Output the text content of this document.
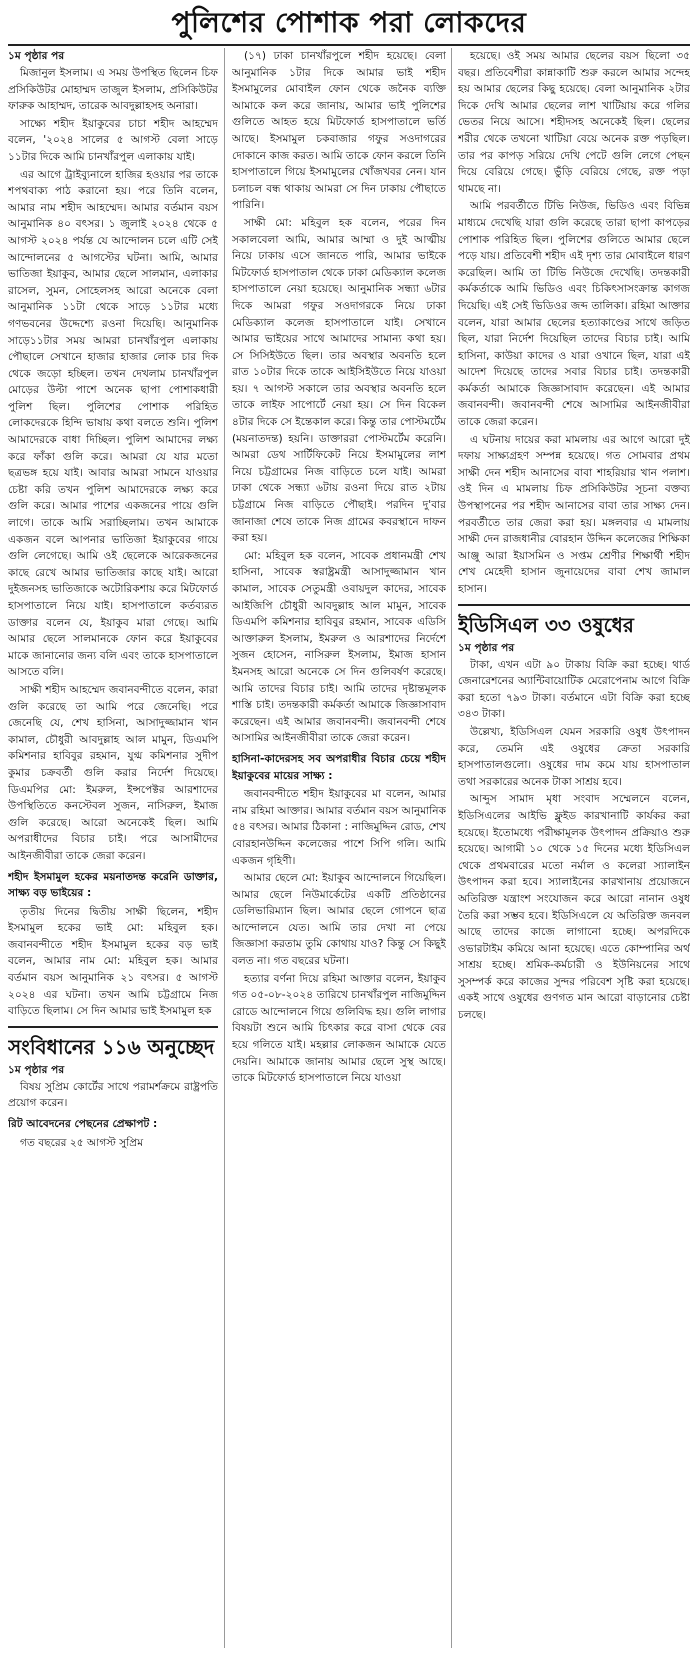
পুলিশের পোশাক পরা লোকদের
১ম পৃষ্ঠার পর

মিজানুল ইসলাম। এ সময় উপস্থিত ছিলেন চিফ প্রসিকিউটর মোহাম্মদ তাজুল ইসলাম, প্রসিকিউটর ফারুক আহাম্মদ, তারেক আবদুল্লাহসহ অনারা।

সাক্ষ্যে শহীদ ইয়াকুবের চাচা শহীদ আহম্মেদ বলেন, '২০২৪ সালের ৫ আগস্ট বেলা সাড়ে ১১টার দিকে আমি চানখাঁরপুল এলাকায় যাই।

এর আগে ট্রাইব্যুনালে হাজির হওয়ার পর তাকে শপথবাক্য পাঠ করানো হয়। পরে তিনি বলেন, আমার নাম শহীদ আহম্মেদ। আমার বর্তমান বয়স আনুমানিক ৪০ বৎসর। ১ জুলাই ২০২৪ থেকে ৫ আগস্ট ২০২৪ পর্যন্ত যে আন্দোলন চলে এটি সেই আন্দোলনের ৫ আগস্টের ঘটনা। আমি, আমার ভাতিজা ইয়াকুব, আমার ছেলে সালমান, এলাকার রাসেল, সুমন, সোহেলসহ আরো অনেকে বেলা আনুমানিক ১১টা থেকে সাড়ে ১১টার মধ্যে গণভবনের উদ্দেশ্যে রওনা দিয়েছি। আনুমানিক সাড়ে১১টার সময় আমরা চানখাঁরপুল এলাকায় পৌছালে সেখানে হাজার হাজার লোক চার দিক থেকে জড়ো হচ্ছিল। তখন দেখলাম চানখাঁরপুল মোড়ের উল্টা পাশে অনেক ছাপা পোশাকধারী পুলিশ ছিল। পুলিশের পোশাক পরিহিত লোকদেরকে হিন্দি ভাষায় কথা বলতে শুনি। পুলিশ আমাদেরকে বাধা দিচ্ছিল। পুলিশ আমাদের লক্ষ্য করে ফাঁকা গুলি করে। আমরা যে যার মতো ছত্রভঙ্গ হয়ে যাই। আবার আমরা সামনে যাওয়ার চেষ্টা করি তখন পুলিশ আমাদেরকে লক্ষ্য করে গুলি করে। আমার পাশের একজনের পায়ে গুলি লাগে। তাকে আমি সরাচ্ছিলাম। তখন আমাকে একজন বলে আপনার ভাতিজা ইয়াকুবের গায়ে গুলি লেগেছে। আমি ওই ছেলেকে আরেকজনের কাছে রেখে আমার ভাতিজার কাছে যাই। আরো দুইজনসহ ভাতিজাকে অটোরিকশায় করে মিটফোর্ড হাসপাতালে নিয়ে যাই। হাসপাতালে কর্তব্যরত ডাক্তার বলেন যে, ইয়াকুব মারা গেছে। আমি আমার ছেলে সালমানকে ফোন করে ইয়াকুবের মাকে জানানোর জন্য বলি এবং তাকে হাসপাতালে আসতে বলি।

সাক্ষী শহীদ আহম্মেদ জবানবন্দীতে বলেন, কারা গুলি করেছে তা আমি পরে জেনেছি। পরে জেনেছি যে, শেখ হাসিনা, আসাদুজ্জামান খান কামাল, চৌধুরী আবদুল্লাহ আল মামুন, ডিএমপি কমিশনার হাবিবুর রহমান, যুগ্ম কমিশনার সুদীপ কুমার চক্রবর্তী গুলি করার নির্দেশ দিয়েছে। ডিএমপির মো: ইমরুল, ইন্সপেক্টর আরশাদের উপস্থিতিতে কনস্টেবল সুজন, নাসিরুল, ইমাজ গুলি করেছে। আরো অনেকেই ছিল। আমি অপরাধীদের বিচার চাই। পরে আসামীদের আইনজীবীরা তাকে জেরা করেন।

শহীদ ইসমামুল হকের ময়নাতদন্ত করেনি ডাক্তার, সাক্ষ্য বড় ভাইয়ের :

তৃতীয় দিনের দ্বিতীয় সাক্ষী ছিলেন, শহীদ ইসমামুল হকের ভাই মো: মহিবুল হক। জবানবন্দীতে শহীদ ইসমামুল হকের বড় ভাই বলেন, আমার নাম মো: মহিবুল হক। আমার বর্তমান বয়স আনুমানিক ২১ বৎসর। ৫ আগস্ট ২০২৪ এর ঘটনা। তখন আমি চট্টগ্রামে নিজ বাড়িতে ছিলাম। সে দিন আমার ভাই ইসমামুল হক

সংবিধানের ১১৬ অনুচ্ছেদ
১ম পৃষ্ঠার পর

বিষয় সুপ্রিম কোর্টের সাথে পরামর্শক্রমে রাষ্ট্রপতি প্রয়োগ করেন।

রিট আবেদনের পেছনের প্রেক্ষাপট :

গত বছরের ২৫ আগস্ট সুপ্রিম

(১৭) ঢাকা চানখাঁরপুলে শহীদ হয়েছে। বেলা আনুমানিক ১টার দিকে আমার ভাই শহীদ ইসমামুলের মোবাইল ফোন থেকে জনৈক ব্যক্তি আমাকে কল করে জানায়, আমার ভাই পুলিশের গুলিতে আহত হয়ে মিটফোর্ড হাসপাতালে ভর্তি আছে। ইসমামুল চকবাজার গফুর সওদাগরের দোকানে কাজ করত। আমি তাকে ফোন করলে তিনি হাসপাতালে গিয়ে ইসমামুলের খোঁজখবর নেন। যান চলাচল বন্ধ থাকায় আমরা সে দিন ঢাকায় পৌছাতে পারিনি।

সাক্ষী মো: মহিবুল হক বলেন, পরের দিন সকালবেলা আমি, আমার আম্মা ও দুই আত্মীয় নিয়ে ঢাকায় এসে জানতে পারি, আমার ভাইকে মিটফোর্ড হাসপাতাল থেকে ঢাকা মেডিক্যাল কলেজ হাসপাতালে নেয়া হয়েছে। আনুমানিক সন্ধ্যা ৬টার দিকে আমরা গফুর সওদাগরকে নিয়ে ঢাকা মেডিক্যাল কলেজ হাসপাতালে যাই। সেখানে আমার ভাইয়ের সাথে আমাদের সামান্য কথা হয়। সে সিসিইউতে ছিল। তার অবস্থার অবনতি হলে রাত ১০টার দিকে তাকে আইসিইউতে নিয়ে যাওয়া হয়। ৭ আগস্ট সকালে তার অবস্থার অবনতি হলে তাকে লাইফ সাপোর্টে নেয়া হয়। সে দিন বিকেল ৪টার দিকে সে ইন্তেকাল করে। কিন্তু তার পোস্টমর্টেম (ময়নাতদন্ত) হয়নি। ডাক্তাররা পোস্টমর্টেম করেনি। আমরা ডেথ সার্টিফিকেট নিয়ে ইসমামুলের লাশ নিয়ে চট্টগ্রামের নিজ বাড়িতে চলে যাই। আমরা ঢাকা থেকে সন্ধ্যা ৬টায় রওনা দিয়ে রাত ২টায় চট্টগ্রামে নিজ বাড়িতে পৌছাই। পরদিন দু'বার জানাজা শেষে তাকে নিজ গ্রামের কবরস্থানে দাফন করা হয়।

মো: মহিবুল হক বলেন, সাবেক প্রধানমন্ত্রী শেখ হাসিনা, সাবেক স্বরাষ্ট্রমন্ত্রী আসাদুজ্জামান খান কামাল, সাবেক সেতুমন্ত্রী ওবায়দুল কাদের, সাবেক আইজিপি চৌধুরী আবদুল্লাহ আল মামুন, সাবেক ডিএমপি কমিশনার হাবিবুর রহমান, সাবেক এডিসি আক্তারুল ইসলাম, ইমরুল ও আরশাদের নির্দেশে সুজন হোসেন, নাসিরুল ইসলাম, ইমাজ হাসান ইমনসহ আরো অনেকে সে দিন গুলিবর্ষণ করেছে। আমি তাদের বিচার চাই। আমি তাদের দৃষ্টান্তমূলক শাস্তি চাই। তদন্তকারী কর্মকর্তা আমাকে জিজ্ঞাসাবাদ করেছেন। এই আমার জবানবন্দী। জবানবন্দী শেষে আসামির আইনজীবীরা তাকে জেরা করেন।

হাসিনা-কাদেরসহ সব অপরাধীর বিচার চেয়ে শহীদ ইয়াকুবের মায়ের সাক্ষ্য :

জবানবন্দীতে শহীদ ইয়াকুবের মা বলেন, আমার নাম রহিমা আক্তার। আমার বর্তমান বয়স আনুমানিক ৫৪ বৎসর। আমার ঠিকানা : নাজিমুদ্দিন রোড, শেখ বোরহানউদ্দিন কলেজের পাশে সিপি গলি। আমি একজন গৃহিণী।

আমার ছেলে মো: ইয়াকুব আন্দোলনে গিয়েছিল। আমার ছেলে নিউমার্কেটের একটি প্রতিষ্ঠানের ডেলিভারিম্যান ছিল। আমার ছেলে গোপনে ছাত্র আন্দোলনে যেত। আমি তার দেখা না পেয়ে জিজ্ঞাসা করতাম তুমি কোথায় যাও? কিন্তু সে কিছুই বলত না। গত বছরের ঘটনা।

হত্যার বর্ণনা দিয়ে রহিমা আক্তার বলেন, ইয়াকুব গত ০৫-০৮-২০২৪ তারিখে চানখাঁরপুল নাজিমুদ্দিন রোডে আন্দোলনে গিয়ে গুলিবিদ্ধ হয়। গুলি লাগার বিষয়টা শুনে আমি চিৎকার করে বাসা থেকে বের হয়ে গলিতে যাই। মহল্লার লোকজন আমাকে যেতে দেয়নি। আমাকে জানায় আমার ছেলে সুস্থ আছে। তাকে মিটফোর্ড হাসপাতালে নিয়ে যাওয়া

হয়েছে। ওই সময় আমার ছেলের বয়স ছিলো ৩৫ বছর। প্রতিবেশীরা কান্নাকাটি শুরু করলে আমার সন্দেহ হয় আমার ছেলের কিছু হয়েছে। বেলা আনুমানিক ২টার দিকে দেখি আমার ছেলের লাশ খাটিয়ায় করে গলির ভেতর নিয়ে আসে। শহীদসহ অনেকেই ছিল। ছেলের শরীর থেকে তখনো খাটিয়া বেয়ে অনেক রক্ত পড়ছিল। তার পর কাপড় সরিয়ে দেখি পেটে গুলি লেগে পেছন দিয়ে বেরিয়ে গেছে। ভুঁড়ি বেরিয়ে গেছে, রক্ত পড়া থামছে না।

আমি পরবর্তীতে টিভি নিউজ, ভিডিও এবং বিভিন্ন মাধ্যমে দেখেছি যারা গুলি করেছে তারা ছাপা কাপড়ের পোশাক পরিহিত ছিল। পুলিশের গুলিতে আমার ছেলে পড়ে যায়। প্রতিবেশী শহীদ এই দৃশ্য তার মোবাইলে ধারণ করেছিল। আমি তা টিভি নিউজে দেখেছি। তদন্তকারী কর্মকর্তাকে আমি ভিডিও এবং চিকিৎসাসংক্রান্ত কাগজ দিয়েছি। এই সেই ভিডিওর জব্দ তালিকা। রহিমা আক্তার বলেন, যারা আমার ছেলের হত্যাকাণ্ডের সাথে জড়িত ছিল, যারা নির্দেশ দিয়েছিল তাদের বিচার চাই। আমি হাসিনা, কাউয়া কাদের ও যারা ওখানে ছিল, যারা এই আদেশ দিয়েছে তাদের সবার বিচার চাই। তদন্তকারী কর্মকর্তা আমাকে জিজ্ঞাসাবাদ করেছেন। এই আমার জবানবন্দী। জবানবন্দী শেষে আসামির আইনজীবীরা তাকে জেরা করেন।

এ ঘটনায় দায়ের করা মামলায় এর আগে আরো দুই দফায় সাক্ষ্যগ্রহণ সম্পন্ন হয়েছে। গত সোমবার প্রথম সাক্ষী দেন শহীদ আনাসের বাবা শাহরিয়ার খান পলাশ। ওই দিন এ মামলায় চিফ প্রসিকিউটর সূচনা বক্তব্য উপস্থাপনের পর শহীদ আনাসের বাবা তার সাক্ষ্য দেন। পরবর্তীতে তার জেরা করা হয়। মঙ্গলবার এ মামলায় সাক্ষী দেন রাজধানীর বোরহান উদ্দিন কলেজের শিক্ষিকা আঞ্জু আরা ইয়াসমিন ও সপ্তম শ্রেণীর শিক্ষার্থী শহীদ শেখ মেহেদী হাসান জুনায়েদের বাবা শেখ জামাল হাসান।

ইডিসিএল ৩৩ ওষুধের
১ম পৃষ্ঠার পর

টাকা, এখন এটা ৯০ টাকায় বিক্রি করা হচ্ছে। থার্ড জেনারেশনের অ্যান্টিবায়োটিক মেরোপেনাম আগে বিক্রি করা হতো ৭৯৩ টাকা। বর্তমানে এটা বিক্রি করা হচ্ছে ৩৪৩ টাকা।

উল্লেখ্য, ইডিসিএল যেমন সরকারি ওষুধ উৎপাদন করে, তেমনি এই ওষুধের ক্রেতা সরকারি হাসপাতালগুলো। ওষুধের দাম কমে যায় হাসপাতাল তথা সরকারের অনেক টাকা সাশ্রয় হবে।

আব্দুস সামাদ মৃধা সংবাদ সম্মেলনে বলেন, ইডিসিএলের আইভি ফ্লুইড কারখানাটি কার্যকর করা হয়েছে। ইতোমধ্যে পরীক্ষামূলক উৎপাদন প্রক্রিয়াও শুরু হয়েছে। আগামী ১০ থেকে ১৫ দিনের মধ্যে ইডিসিএল থেকে প্রথমবারের মতো নর্মাল ও কলেরা স্যালাইন উৎপাদন করা হবে। স্যালাইনের কারখানায় প্রয়োজনে অতিরিক্ত যন্ত্রাংশ সংযোজন করে আরো নানান ওষুধ তৈরি করা সম্ভব হবে। ইডিসিএলে যে অতিরিক্ত জনবল আছে তাদের কাজে লাগানো হচ্ছে। অপরদিকে ওভারটাইম কমিয়ে আনা হয়েছে। এতে কোম্পানির অর্থ সাশ্রয় হচ্ছে। শ্রমিক-কর্মচারী ও ইউনিয়নের সাথে সুসম্পর্ক করে কাজের সুন্দর পরিবেশ সৃষ্টি করা হয়েছে। একই সাথে ওষুধের গুণগত মান আরো বাড়ানোর চেষ্টা চলছে।
